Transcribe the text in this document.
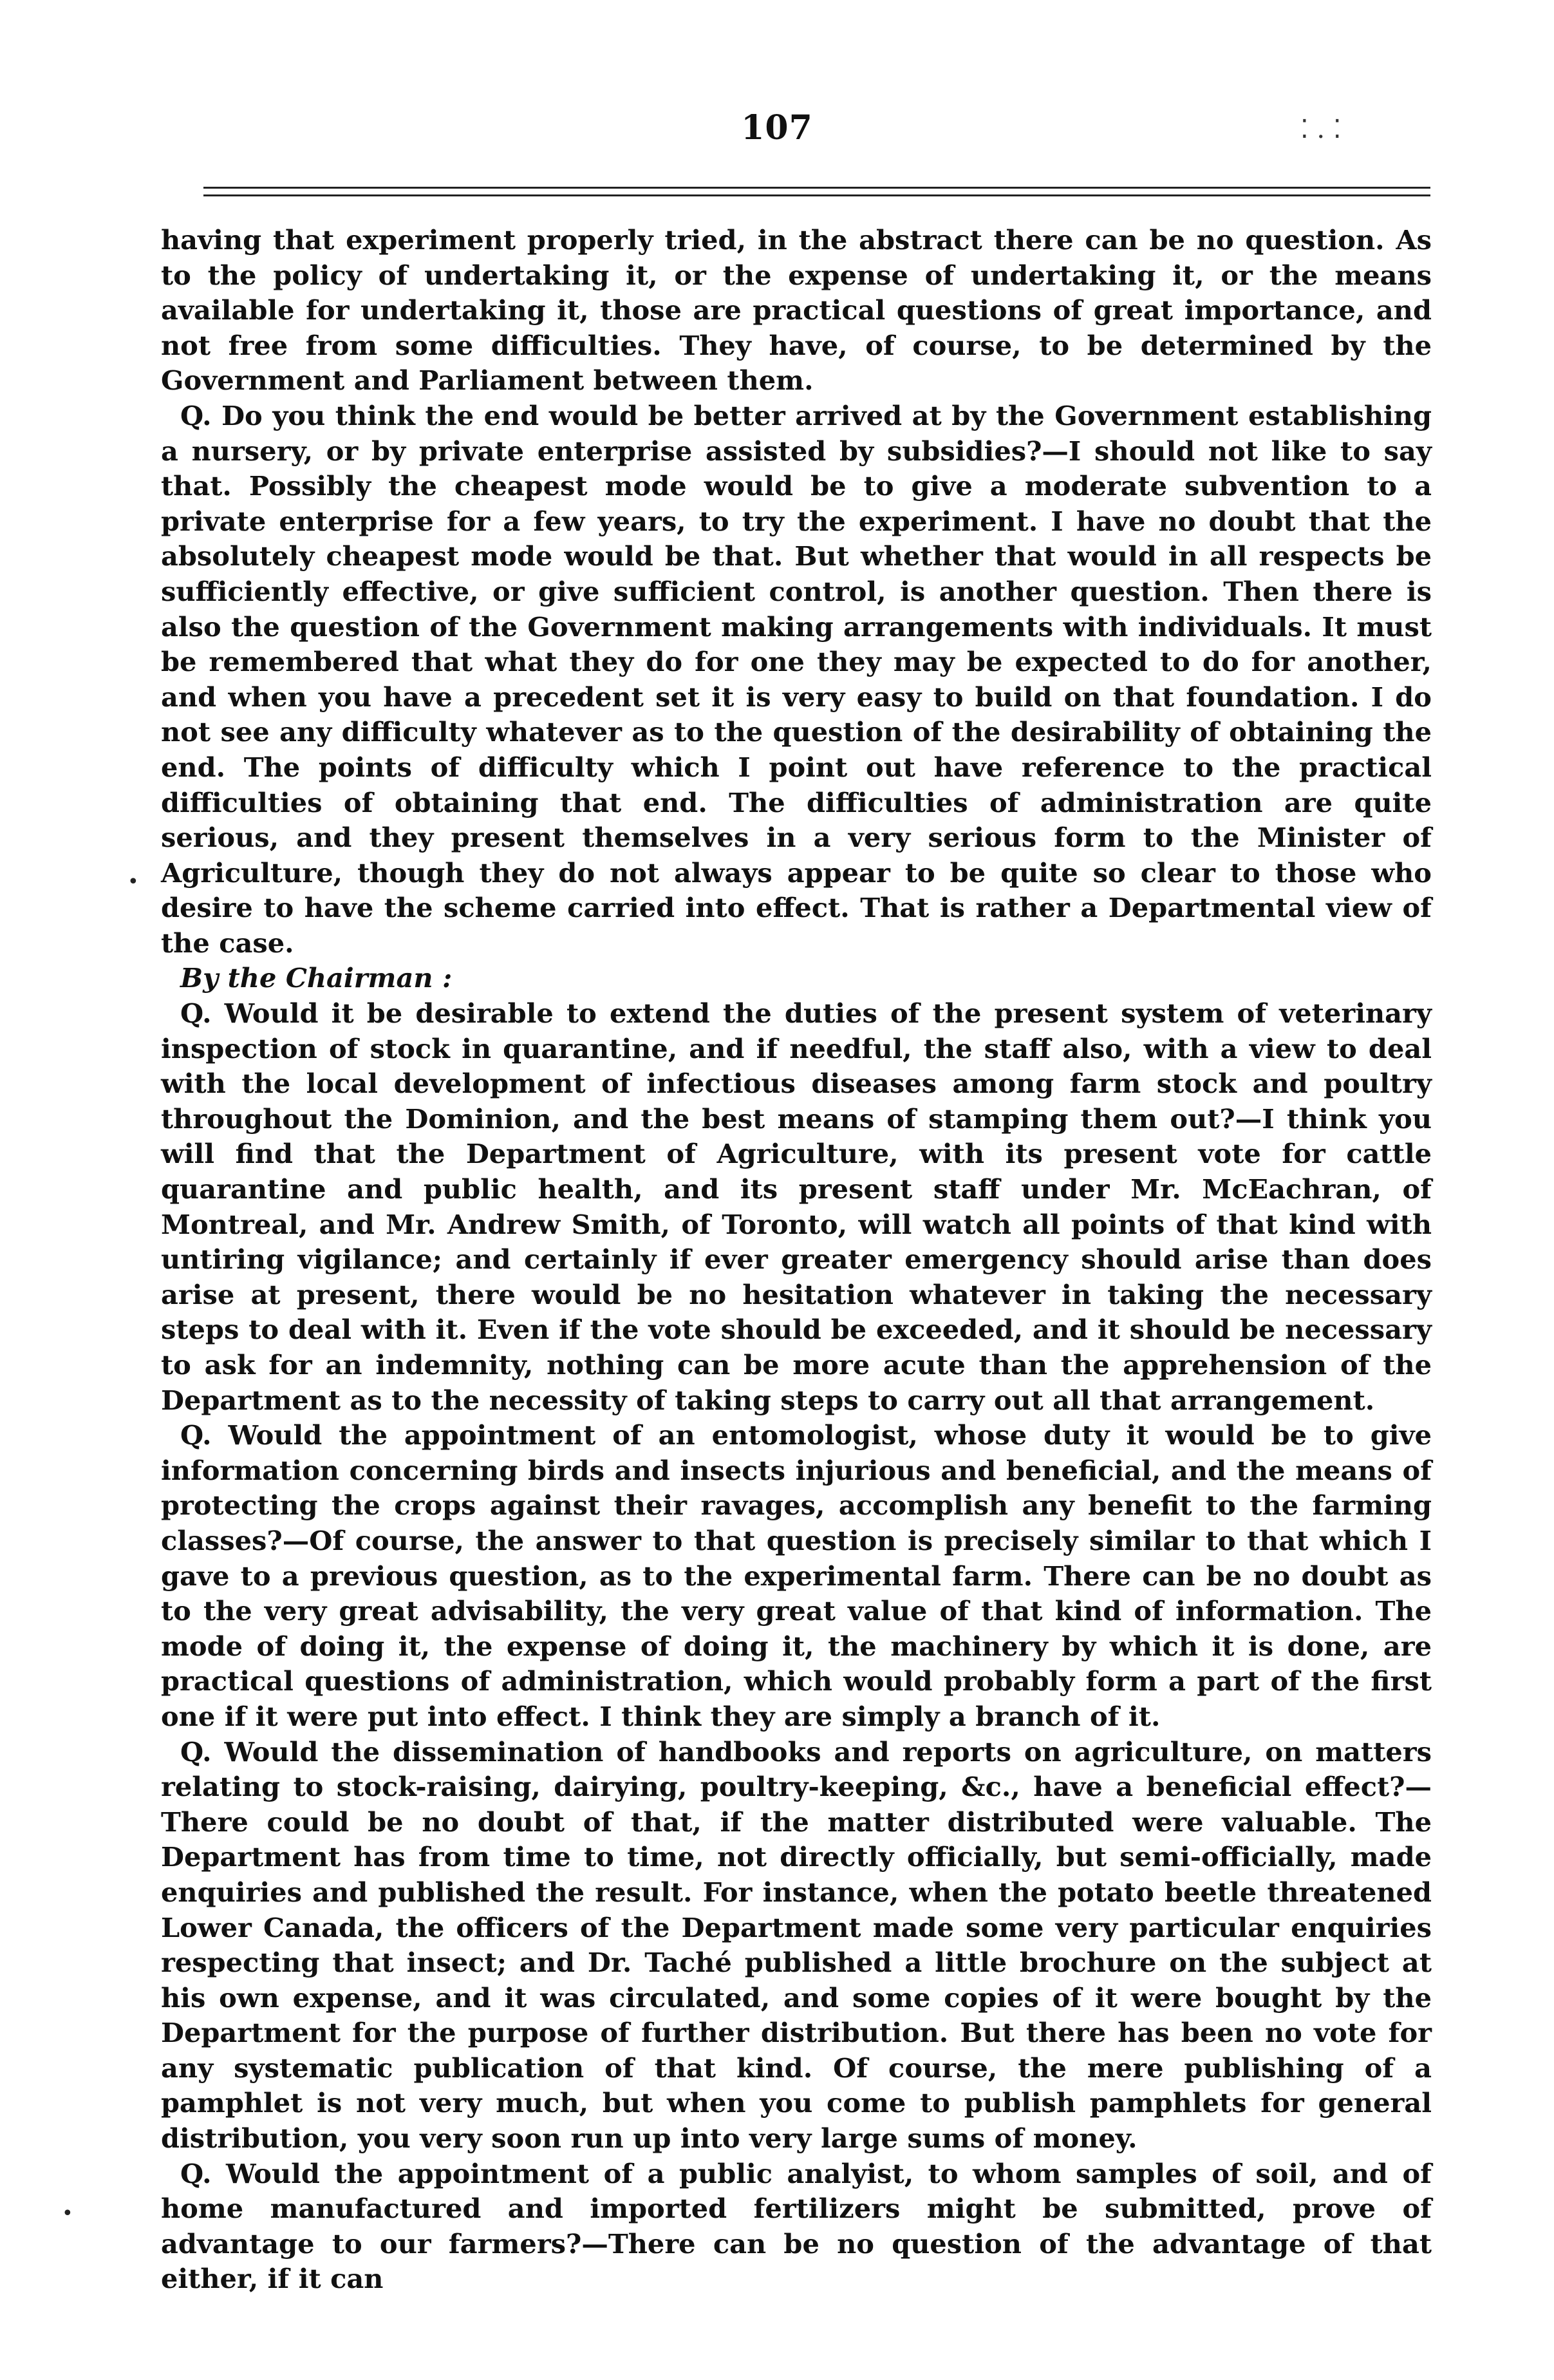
107	⁚ . ⁚

having that experiment properly tried, in the abstract there can be no question. As to the policy of undertaking it, or the expense of undertaking it, or the means available for undertaking it, those are practical questions of great importance, and not free from some difficulties. They have, of course, to be determined by the Government and Parliament between them.

Q. Do you think the end would be better arrived at by the Government establishing a nursery, or by private enterprise assisted by subsidies?—I should not like to say that. Possibly the cheapest mode would be to give a moderate subvention to a private enterprise for a few years, to try the experiment. I have no doubt that the absolutely cheapest mode would be that. But whether that would in all respects be sufficiently effective, or give sufficient control, is another question. Then there is also the question of the Government making arrangements with individuals. It must be remembered that what they do for one they may be expected to do for another, and when you have a precedent set it is very easy to build on that foundation. I do not see any difficulty whatever as to the question of the desirability of obtaining the end. The points of difficulty which I point out have reference to the practical difficulties of obtaining that end. The difficulties of administration are quite serious, and they present themselves in a very serious form to the Minister of Agriculture, though they do not always appear to be quite so clear to those who desire to have the scheme carried into effect. That is rather a Departmental view of the case.

By the Chairman :

Q. Would it be desirable to extend the duties of the present system of veterinary inspection of stock in quarantine, and if needful, the staff also, with a view to deal with the local development of infectious diseases among farm stock and poultry throughout the Dominion, and the best means of stamping them out?—I think you will find that the Department of Agriculture, with its present vote for cattle quarantine and public health, and its present staff under Mr. McEachran, of Montreal, and Mr. Andrew Smith, of Toronto, will watch all points of that kind with untiring vigilance; and certainly if ever greater emergency should arise than does arise at present, there would be no hesitation whatever in taking the necessary steps to deal with it. Even if the vote should be exceeded, and it should be necessary to ask for an indemnity, nothing can be more acute than the apprehension of the Department as to the necessity of taking steps to carry out all that arrangement.

Q. Would the appointment of an entomologist, whose duty it would be to give information concerning birds and insects injurious and beneficial, and the means of protecting the crops against their ravages, accomplish any benefit to the farming classes?—Of course, the answer to that question is precisely similar to that which I gave to a previous question, as to the experimental farm. There can be no doubt as to the very great advisability, the very great value of that kind of information. The mode of doing it, the expense of doing it, the machinery by which it is done, are practical questions of administration, which would probably form a part of the first one if it were put into effect. I think they are simply a branch of it.

Q. Would the dissemination of handbooks and reports on agriculture, on matters relating to stock-raising, dairying, poultry-keeping, &c., have a beneficial effect?—There could be no doubt of that, if the matter distributed were valuable. The Department has from time to time, not directly officially, but semi-officially, made enquiries and published the result. For instance, when the potato beetle threatened Lower Canada, the officers of the Department made some very particular enquiries respecting that insect; and Dr. Taché published a little brochure on the subject at his own expense, and it was circulated, and some copies of it were bought by the Department for the purpose of further distribution. But there has been no vote for any systematic publication of that kind. Of course, the mere publishing of a pamphlet is not very much, but when you come to publish pamphlets for general distribution, you very soon run up into very large sums of money.

Q. Would the appointment of a public analyist, to whom samples of soil, and of home manufactured and imported fertilizers might be submitted, prove of advantage to our farmers?—There can be no question of the advantage of that either, if it can

•
•
